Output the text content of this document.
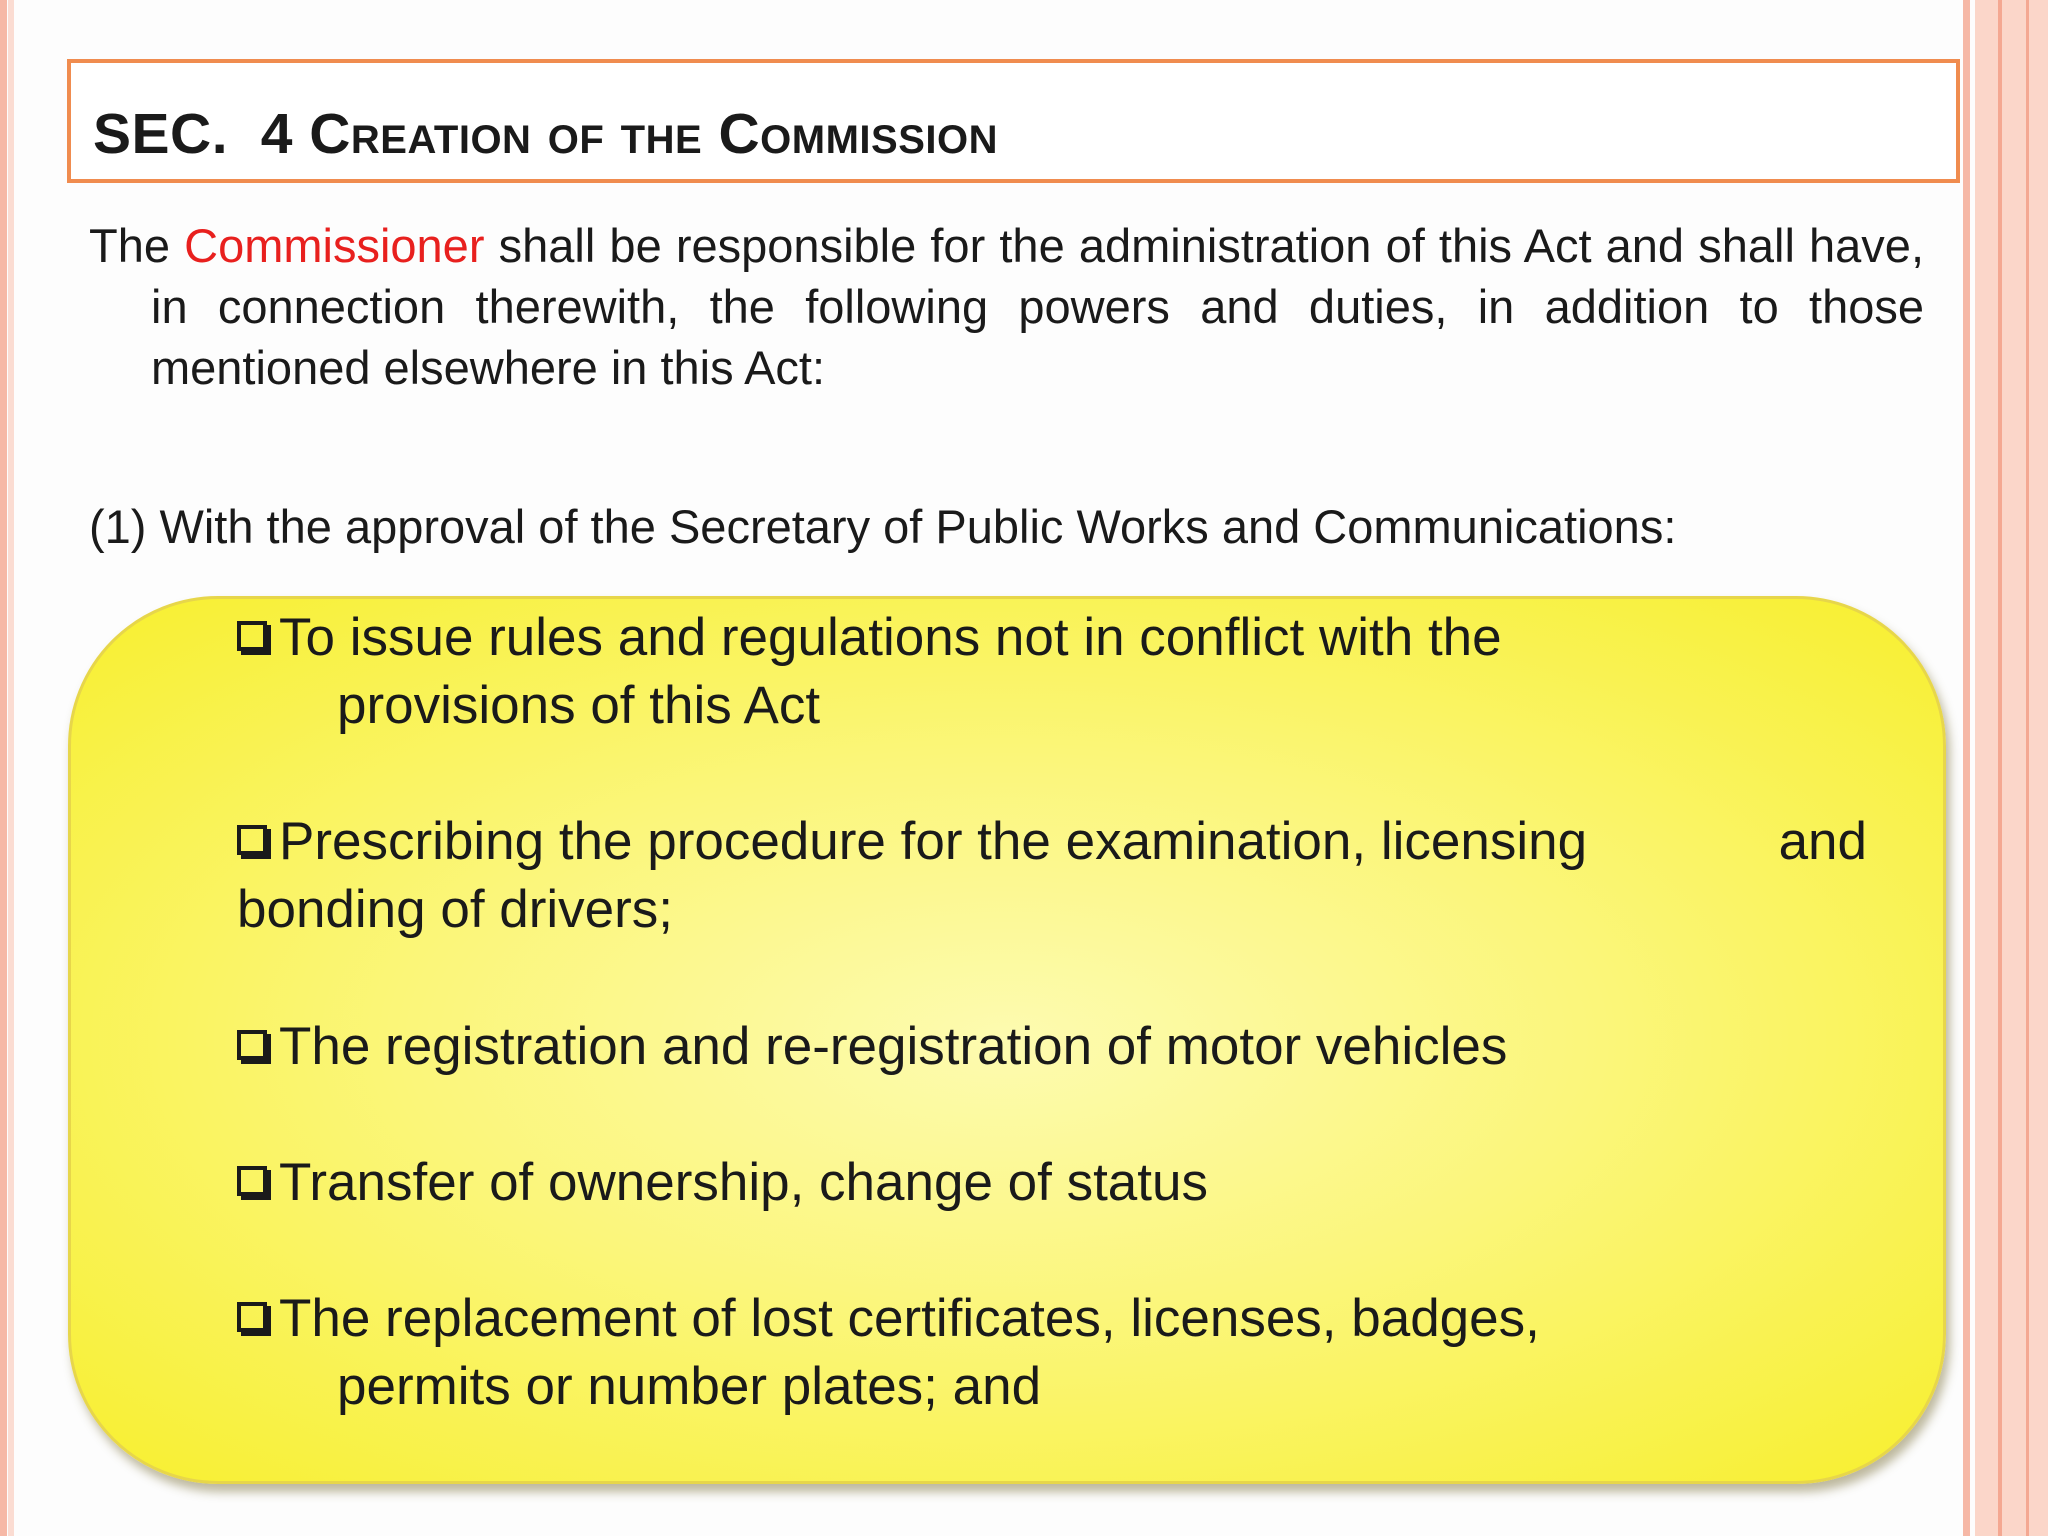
SEC.  4 Creation of the Commission
The Commissioner shall be responsible for the administration of this Act and shall have, in connection therewith, the following powers and duties, in addition to those mentioned elsewhere in this Act:
(1) With the approval of the Secretary of Public Works and Communications:
To issue rules and regulations not in conflict with the
provisions of this Act
Prescribing the procedure for the examination, licensing	and
bonding of drivers;
The registration and re-registration of motor vehicles
Transfer of ownership, change of status
The replacement of lost certificates, licenses, badges,
permits or number plates; and
